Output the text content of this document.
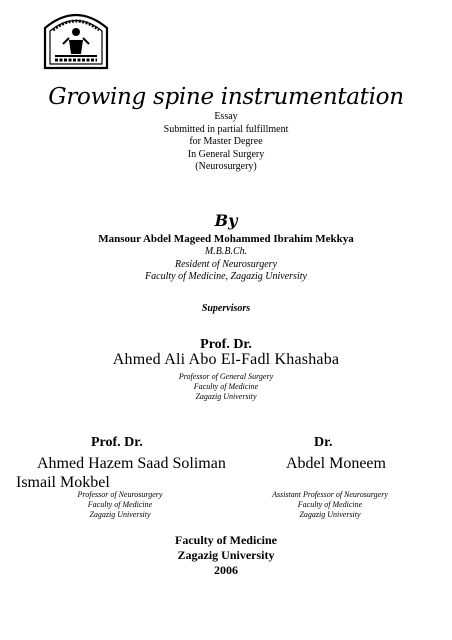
Growing spine instrumentation
Essay
Submitted in partial fulfillment
for Master Degree
In General Surgery
(Neurosurgery)
By
Mansour Abdel Mageed Mohammed Ibrahim Mekkya
M.B.B.Ch.
Resident of Neurosurgery
Faculty of Medicine, Zagazig University
Supervisors
Prof. Dr.
Ahmed Ali Abo El-Fadl Khashaba
Professor of General Surgery
Faculty of Medicine
Zagazig University
Prof. Dr.	Dr.
Ahmed Hazem Saad Soliman	Abdel Moneem
Ismail Mokbel
Professor of Neurosurgery
Faculty of Medicine
Zagazig University
Assistant Professor of Neurosurgery
Faculty of Medicine
Zagazig University
Faculty of Medicine
Zagazig University
2006
